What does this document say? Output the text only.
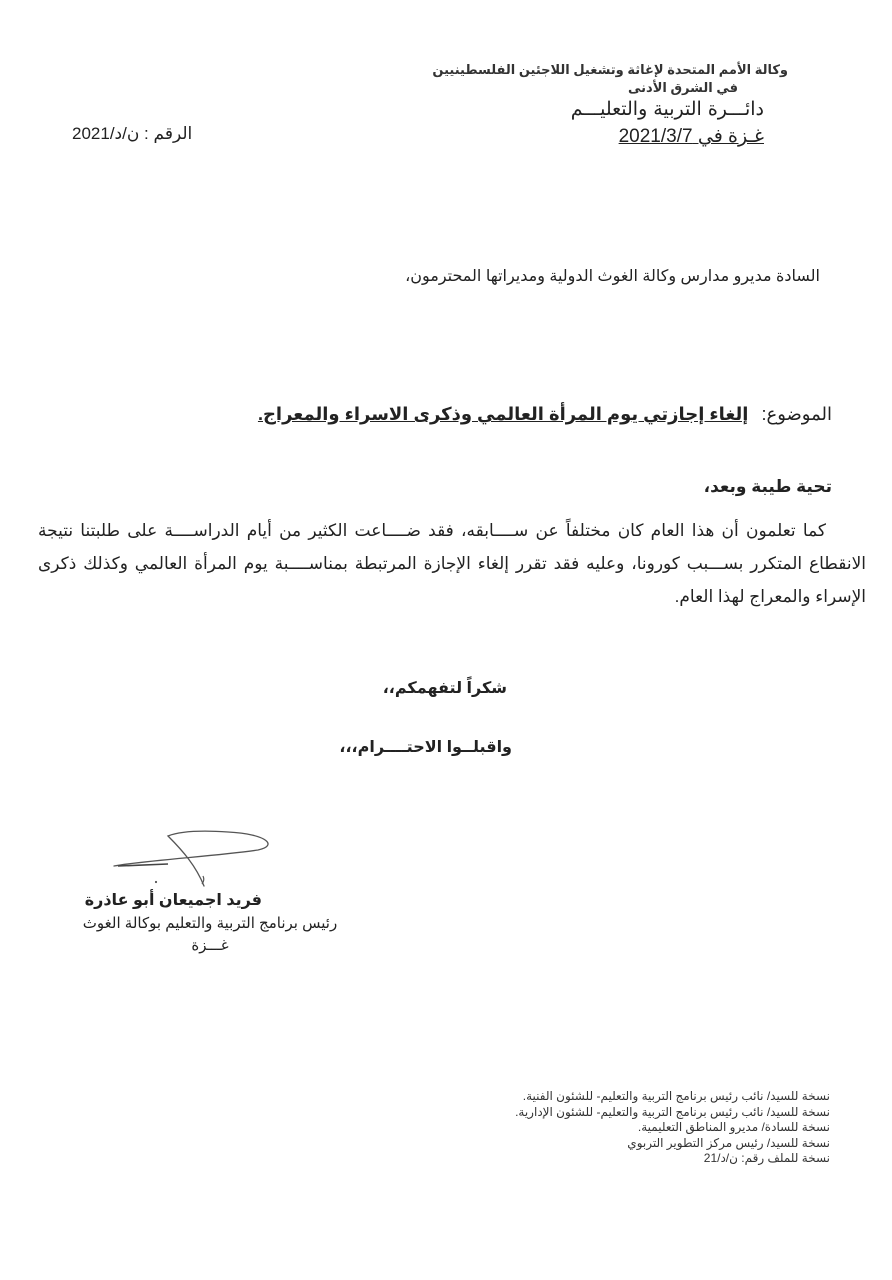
وكالة الأمم المتحدة لإغاثة وتشغيل اللاجئين الفلسطينيين
في الشرق الأدنى
دائـــرة التربية والتعليـــم
غـزة في 2021/3/7
الرقم : ن/د/2021
السادة مديرو مدارس وكالة الغوث الدولية ومديراتها المحترمون،
الموضوع: إلغاء إجازتي يوم المرأة العالمي وذكرى الاسراء والمعراج.
تحية طيبة وبعد،

كما تعلمون أن هذا العام كان مختلفاً عن ســــابقه، فقد ضــــاعت الكثير من أيام الدراســــة على طلبتنا نتيجة الانقطاع المتكرر بســـبب كورونا، وعليه فقد تقرر إلغاء الإجازة المرتبطة بمناســــبة يوم المرأة العالمي وكذلك ذكرى الإسراء والمعراج لهذا العام.

شكراً لتفهمكم،،
واقبلــوا الاحتــــرام،،،
فريد اجميعان أبو عاذرة
رئيس برنامج التربية والتعليم بوكالة الغوث
غـــزة
نسخة للسيد/ نائب رئيس برنامج التربية والتعليم- للشئون الفنية.
نسخة للسيد/ نائب رئيس برنامج التربية والتعليم- للشئون الإدارية.
نسخة للسادة/ مديرو المناطق التعليمية.
نسخة للسيد/ رئيس مركز التطوير التربوي
نسخة للملف رقم: ن/د/21
